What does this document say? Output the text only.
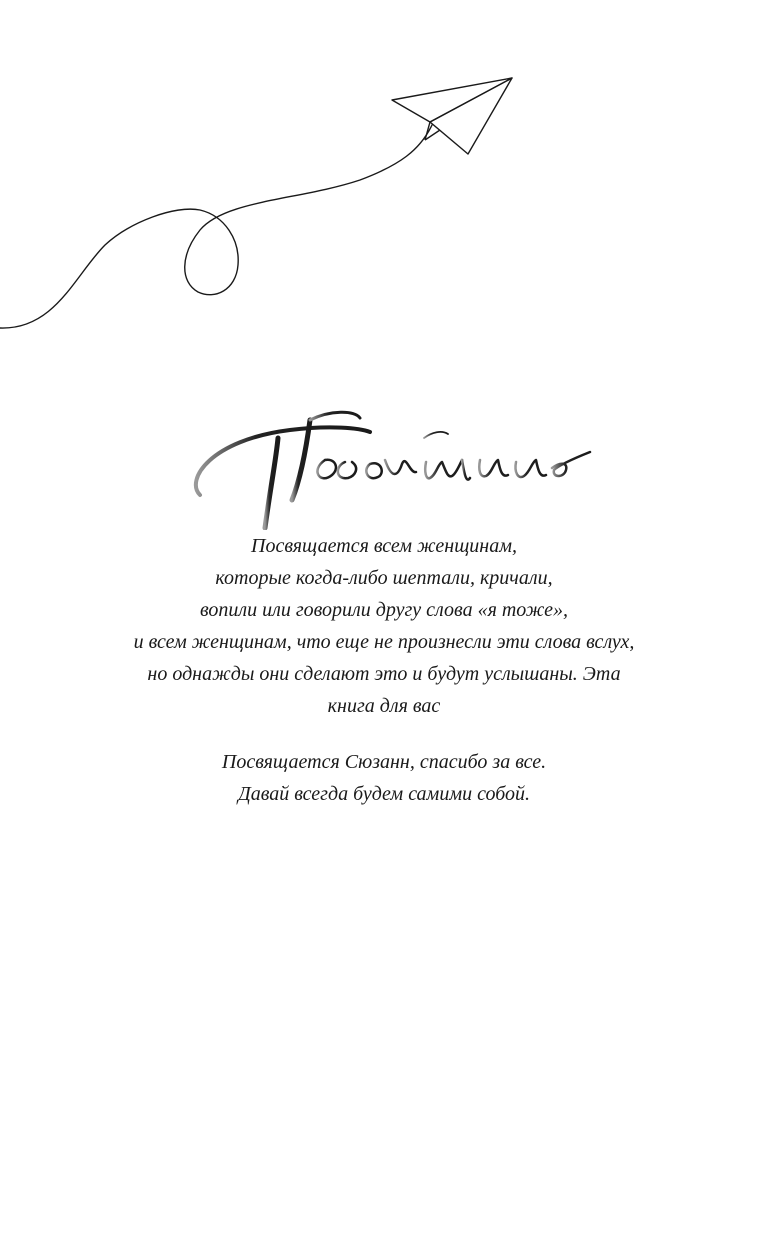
Посвящается всем женщинам,
которые когда-либо шептали, кричали,
вопили или говорили другу слова «я тоже»,
и всем женщинам, что еще не произнесли эти слова вслух,
но однажды они сделают это и будут услышаны. Эта
книга для вас

Посвящается Сюзанн, спасибо за все.
Давай всегда будем самими собой.
